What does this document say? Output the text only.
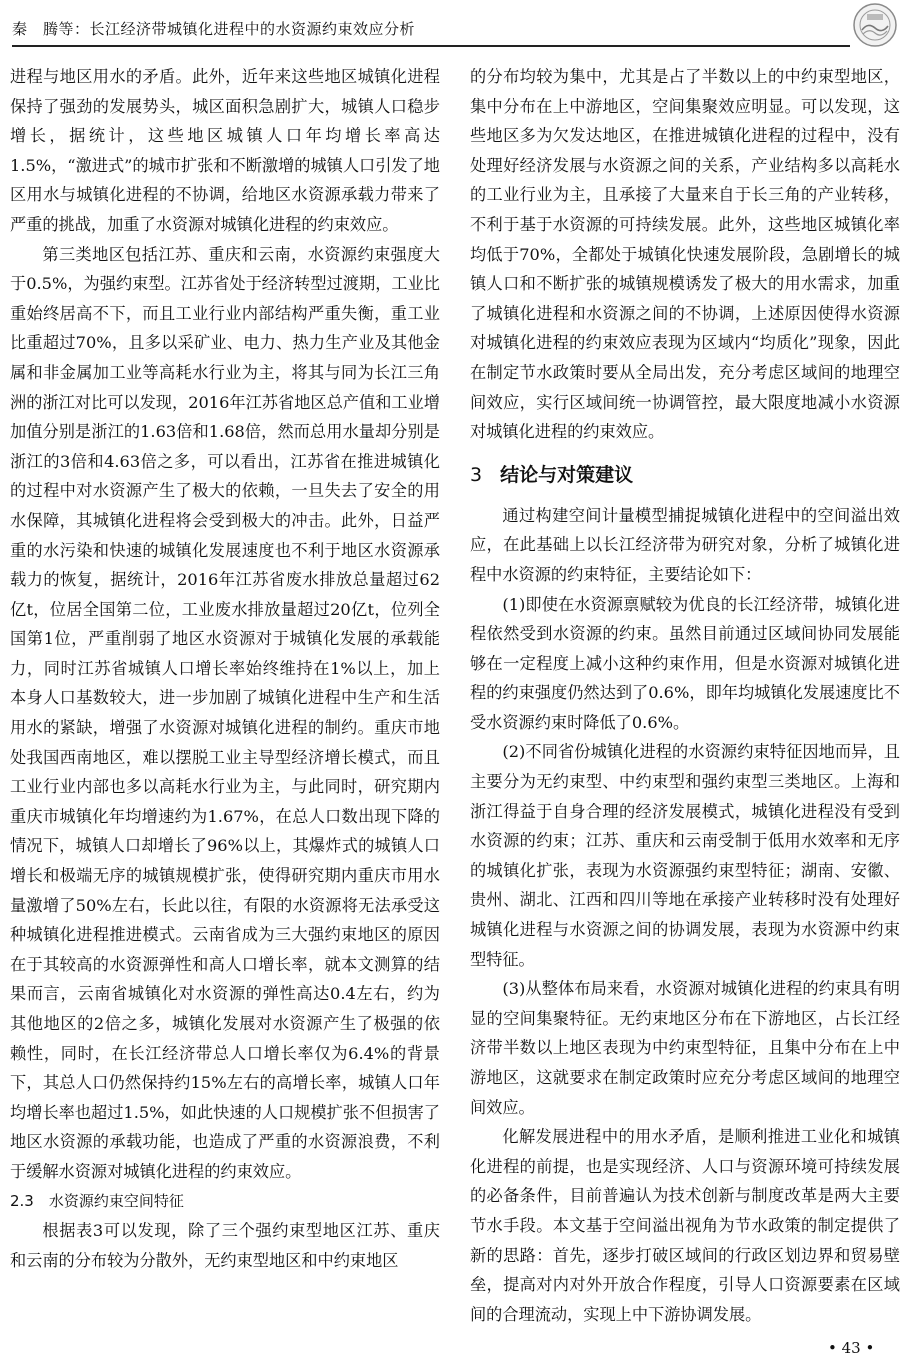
秦　腾等：长江经济带城镇化进程中的水资源约束效应分析

进程与地区用水的矛盾。此外，近年来这些地区城镇化进程保持了强劲的发展势头，城区面积急剧扩大，城镇人口稳步增长，据统计，这些地区城镇人口年均增长率高达1.5%，“激进式”的城市扩张和不断激增的城镇人口引发了地区用水与城镇化进程的不协调，给地区水资源承载力带来了严重的挑战，加重了水资源对城镇化进程的约束效应。

第三类地区包括江苏、重庆和云南，水资源约束强度大于0.5%，为强约束型。江苏省处于经济转型过渡期，工业比重始终居高不下，而且工业行业内部结构严重失衡，重工业比重超过70%，且多以采矿业、电力、热力生产业及其他金属和非金属加工业等高耗水行业为主，将其与同为长江三角洲的浙江对比可以发现，2016年江苏省地区总产值和工业增加值分别是浙江的1.63倍和1.68倍，然而总用水量却分别是浙江的3倍和4.63倍之多，可以看出，江苏省在推进城镇化的过程中对水资源产生了极大的依赖，一旦失去了安全的用水保障，其城镇化进程将会受到极大的冲击。此外，日益严重的水污染和快速的城镇化发展速度也不利于地区水资源承载力的恢复，据统计，2016年江苏省废水排放总量超过62亿t，位居全国第二位，工业废水排放量超过20亿t，位列全国第1位，严重削弱了地区水资源对于城镇化发展的承载能力，同时江苏省城镇人口增长率始终维持在1%以上，加上本身人口基数较大，进一步加剧了城镇化进程中生产和生活用水的紧缺，增强了水资源对城镇化进程的制约。重庆市地处我国西南地区，难以摆脱工业主导型经济增长模式，而且工业行业内部也多以高耗水行业为主，与此同时，研究期内重庆市城镇化年均增速约为1.67%，在总人口数出现下降的情况下，城镇人口却增长了96%以上，其爆炸式的城镇人口增长和极端无序的城镇规模扩张，使得研究期内重庆市用水量激增了50%左右，长此以往，有限的水资源将无法承受这种城镇化进程推进模式。云南省成为三大强约束地区的原因在于其较高的水资源弹性和高人口增长率，就本文测算的结果而言，云南省城镇化对水资源的弹性高达0.4左右，约为其他地区的2倍之多，城镇化发展对水资源产生了极强的依赖性，同时，在长江经济带总人口增长率仅为6.4%的背景下，其总人口仍然保持约15%左右的高增长率，城镇人口年均增长率也超过1.5%，如此快速的人口规模扩张不但损害了地区水资源的承载功能，也造成了严重的水资源浪费，不利于缓解水资源对城镇化进程的约束效应。

2.3　水资源约束空间特征

根据表3可以发现，除了三个强约束型地区江苏、重庆和云南的分布较为分散外，无约束型地区和中约束地区

的分布均较为集中，尤其是占了半数以上的中约束型地区，集中分布在上中游地区，空间集聚效应明显。可以发现，这些地区多为欠发达地区，在推进城镇化进程的过程中，没有处理好经济发展与水资源之间的关系，产业结构多以高耗水的工业行业为主，且承接了大量来自于长三角的产业转移，不利于基于水资源的可持续发展。此外，这些地区城镇化率均低于70%，全都处于城镇化快速发展阶段，急剧增长的城镇人口和不断扩张的城镇规模诱发了极大的用水需求，加重了城镇化进程和水资源之间的不协调，上述原因使得水资源对城镇化进程的约束效应表现为区域内“均质化”现象，因此在制定节水政策时要从全局出发，充分考虑区域间的地理空间效应，实行区域间统一协调管控，最大限度地减小水资源对城镇化进程的约束效应。

3 结论与对策建议

通过构建空间计量模型捕捉城镇化进程中的空间溢出效应，在此基础上以长江经济带为研究对象，分析了城镇化进程中水资源的约束特征，主要结论如下：

(1)即使在水资源禀赋较为优良的长江经济带，城镇化进程依然受到水资源的约束。虽然目前通过区域间协同发展能够在一定程度上减小这种约束作用，但是水资源对城镇化进程的约束强度仍然达到了0.6%，即年均城镇化发展速度比不受水资源约束时降低了0.6%。

(2)不同省份城镇化进程的水资源约束特征因地而异，且主要分为无约束型、中约束型和强约束型三类地区。上海和浙江得益于自身合理的经济发展模式，城镇化进程没有受到水资源的约束；江苏、重庆和云南受制于低用水效率和无序的城镇化扩张，表现为水资源强约束型特征；湖南、安徽、贵州、湖北、江西和四川等地在承接产业转移时没有处理好城镇化进程与水资源之间的协调发展，表现为水资源中约束型特征。

(3)从整体布局来看，水资源对城镇化进程的约束具有明显的空间集聚特征。无约束地区分布在下游地区，占长江经济带半数以上地区表现为中约束型特征，且集中分布在上中游地区，这就要求在制定政策时应充分考虑区域间的地理空间效应。

化解发展进程中的用水矛盾，是顺利推进工业化和城镇化进程的前提，也是实现经济、人口与资源环境可持续发展的必备条件，目前普遍认为技术创新与制度改革是两大主要节水手段。本文基于空间溢出视角为节水政策的制定提供了新的思路：首先，逐步打破区域间的行政区划边界和贸易壁垒，提高对内对外开放合作程度，引导人口资源要素在区域间的合理流动，实现上中下游协调发展。

• 43 •
